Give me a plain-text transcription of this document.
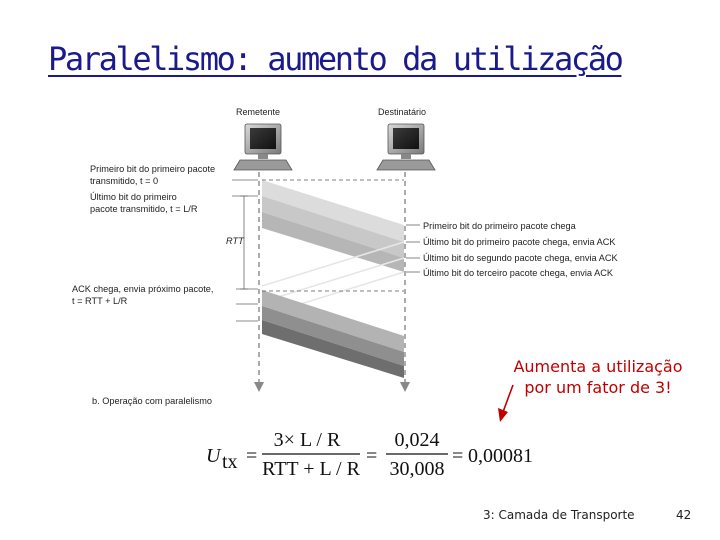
Paralelismo: aumento da utilização
Remetente	Destinatário
Primeiro bit do primeiro pacote
transmitido, t = 0
Último bit do primeiro
pacote transmitido, t = L/R
RTT
ACK chega, envia próximo pacote,
t = RTT + L/R
Primeiro bit do primeiro pacote chega
Último bit do primeiro pacote chega, envia ACK
Último bit do segundo pacote chega, envia ACK
Último bit do terceiro pacote chega, envia ACK
b. Operação com paralelismo
Aumenta a utilização
por um fator de 3!
U tx =
3× L / R
RTT + L / R
=
0,024
30,008
= 0,00081
3: Camada de Transporte	42
